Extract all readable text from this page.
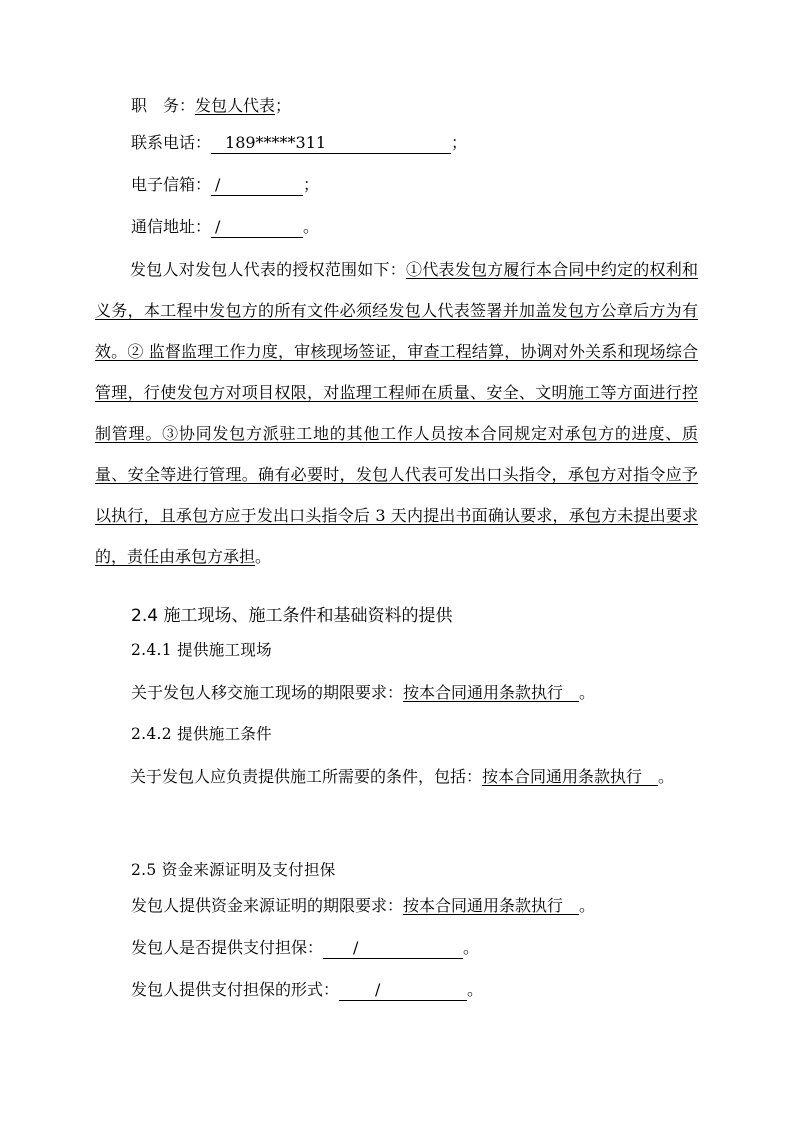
职　务：发包人代表；
联系电话： 189*****311	；
电子信箱： /	；
通信地址： /	。
发包人对发包人代表的授权范围如下：①代表发包方履行本合同中约定的权利和义务，本工程中发包方的所有文件必须经发包人代表签署并加盖发包方公章后方为有效。② 监督监理工作力度，审核现场签证，审查工程结算，协调对外关系和现场综合管理，行使发包方对项目权限，对监理工程师在质量、安全、文明施工等方面进行控制管理。③协同发包方派驻工地的其他工作人员按本合同规定对承包方的进度、质量、安全等进行管理。确有必要时，发包人代表可发出口头指令，承包方对指令应予以执行，且承包方应于发出口头指令后 3 天内提出书面确认要求，承包方未提出要求的，责任由承包方承担。
2.4 施工现场、施工条件和基础资料的提供
2.4.1 提供施工现场
关于发包人移交施工现场的期限要求：按本合同通用条款执行  。
2.4.2 提供施工条件
关于发包人应负责提供施工所需要的条件，包括：按本合同通用条款执行  。
2.5 资金来源证明及支付担保
发包人提供资金来源证明的期限要求：按本合同通用条款执行  。
发包人是否提供支付担保： /	。
发包人提供支付担保的形式： /	。
